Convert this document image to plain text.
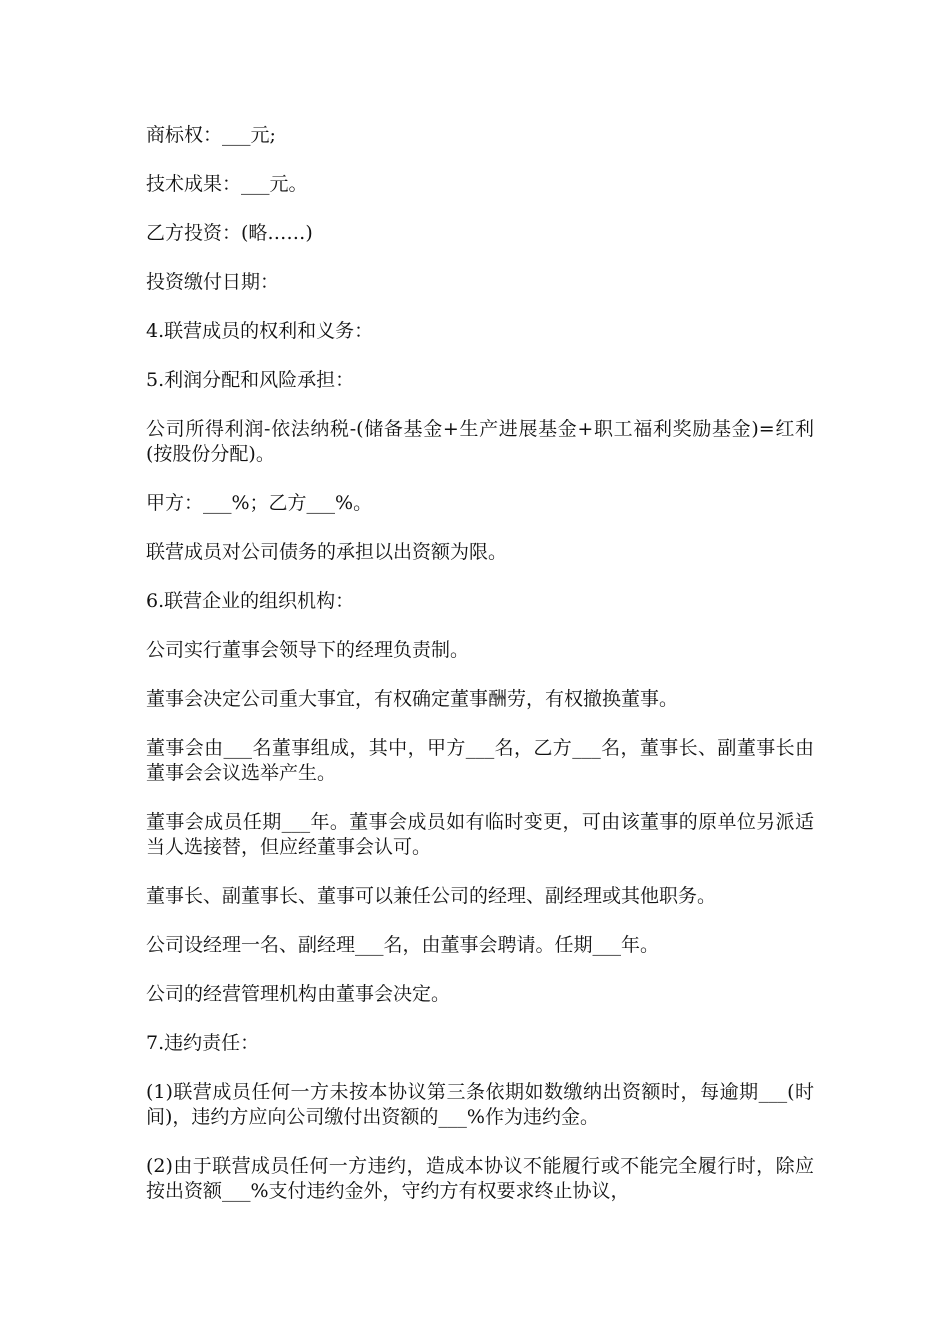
商标权：___元;

技术成果：___元。

乙方投资：(略……)

投资缴付日期：

4.联营成员的权利和义务：

5.利润分配和风险承担：

公司所得利润-依法纳税-(储备基金+生产进展基金+职工福利奖励基金)=红利(按股份分配)。

甲方：___%；乙方___%。

联营成员对公司债务的承担以出资额为限。

6.联营企业的组织机构：

公司实行董事会领导下的经理负责制。

董事会决定公司重大事宜，有权确定董事酬劳，有权撤换董事。

董事会由___名董事组成，其中，甲方___名，乙方___名，董事长、副董事长由董事会会议选举产生。

董事会成员任期___年。董事会成员如有临时变更，可由该董事的原单位另派适当人选接替，但应经董事会认可。

董事长、副董事长、董事可以兼任公司的经理、副经理或其他职务。

公司设经理一名、副经理___名，由董事会聘请。任期___年。

公司的经营管理机构由董事会决定。

7.违约责任：

(1)联营成员任何一方未按本协议第三条依期如数缴纳出资额时，每逾期___(时间)，违约方应向公司缴付出资额的___%作为违约金。

(2)由于联营成员任何一方违约，造成本协议不能履行或不能完全履行时，除应按出资额___%支付违约金外，守约方有权要求终止协议，
